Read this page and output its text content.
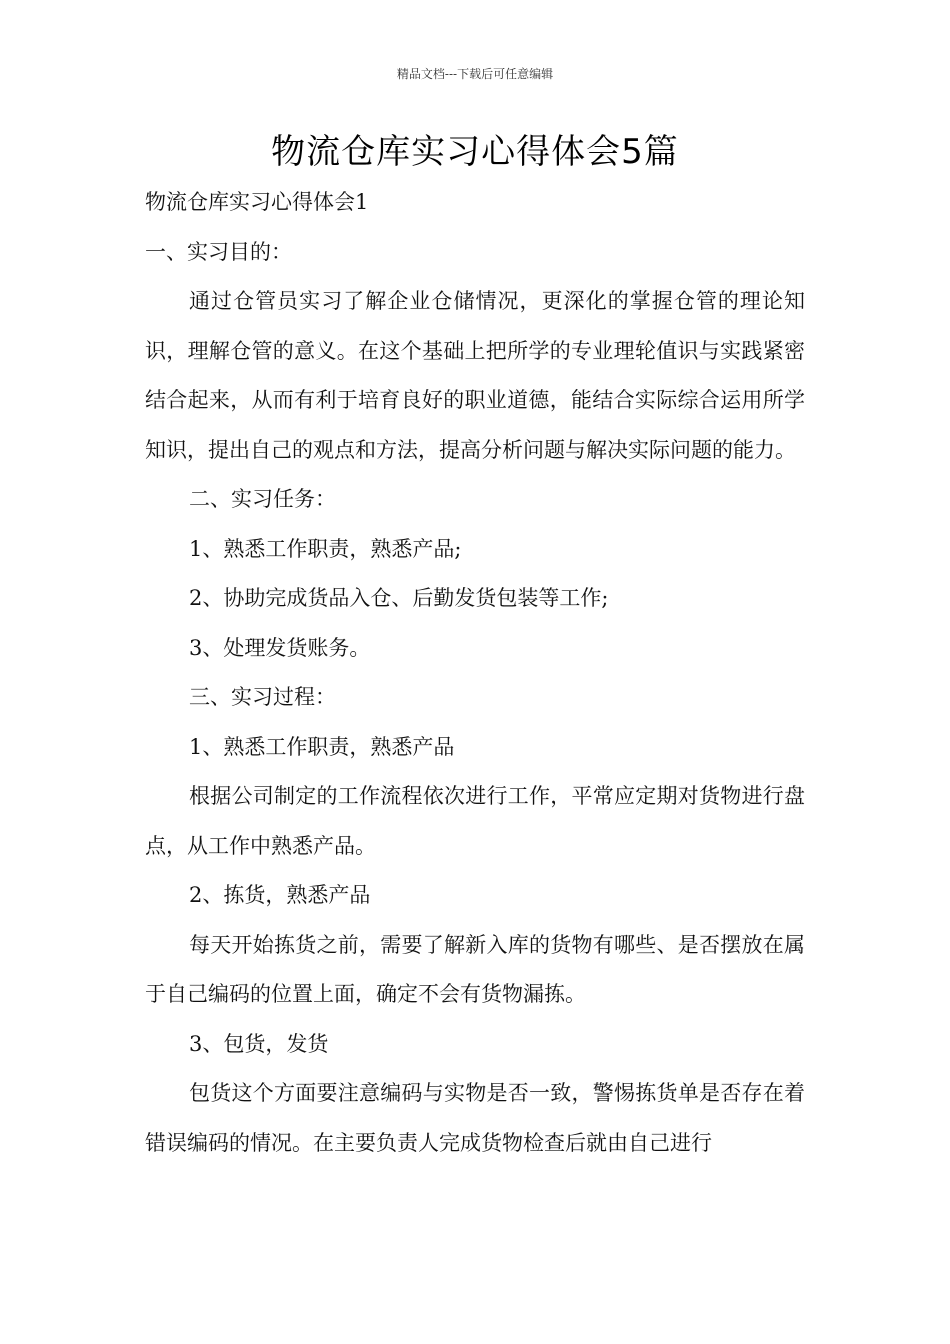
精品文档---下载后可任意编辑
物流仓库实习心得体会5篇

物流仓库实习心得体会1

一、实习目的：

通过仓管员实习了解企业仓储情况，更深化的掌握仓管的理论知识，理解仓管的意义。在这个基础上把所学的专业理轮值识与实践紧密结合起来，从而有利于培育良好的职业道德，能结合实际综合运用所学知识，提出自己的观点和方法，提高分析问题与解决实际问题的能力。

二、实习任务：

1、熟悉工作职责，熟悉产品;

2、协助完成货品入仓、后勤发货包装等工作;

3、处理发货账务。

三、实习过程：

1、熟悉工作职责，熟悉产品

根据公司制定的工作流程依次进行工作，平常应定期对货物进行盘点，从工作中熟悉产品。

2、拣货，熟悉产品

每天开始拣货之前，需要了解新入库的货物有哪些、是否摆放在属于自己编码的位置上面，确定不会有货物漏拣。

3、包货，发货

包货这个方面要注意编码与实物是否一致，警惕拣货单是否存在着错误编码的情况。在主要负责人完成货物检查后就由自己进行
